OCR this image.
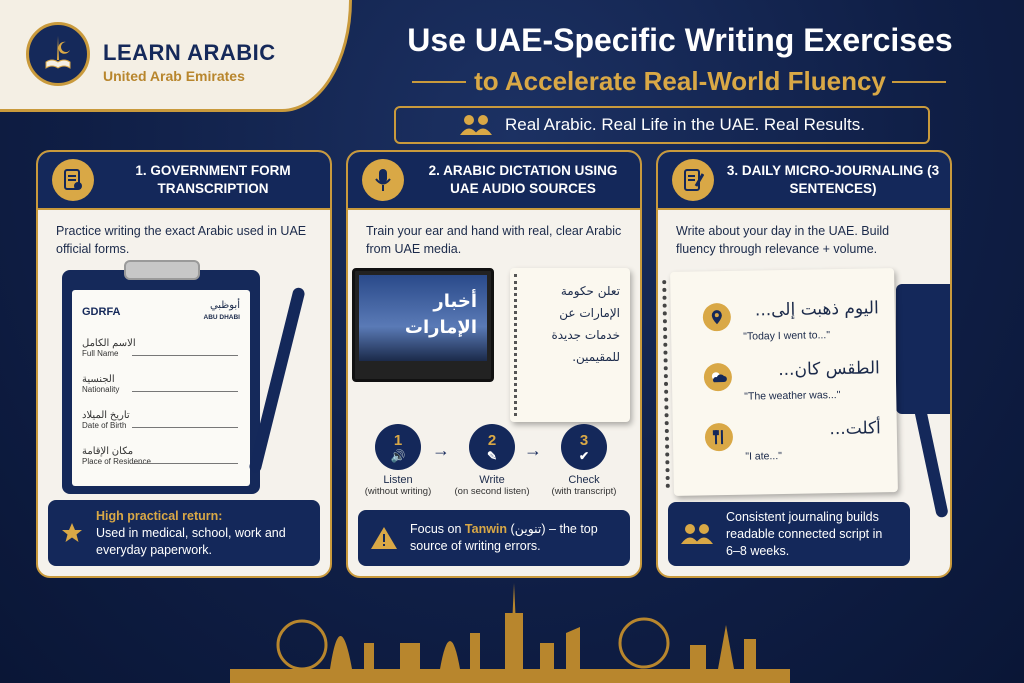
LEARN ARABIC
United Arab Emirates
Use UAE-Specific Writing Exercises
to Accelerate Real-World Fluency
Real Arabic. Real Life in the UAE. Real Results.
1. GOVERNMENT FORM TRANSCRIPTION
Practice writing the exact Arabic used in UAE official forms.
GDRFA
أبوظبي
ABU DHABI
الاسم الكامل
Full Name
الجنسية
Nationality
تاريخ الميلاد
Date of Birth
مكان الإقامة
Place of Residence
High practical return:
Used in medical, school, work and everyday paperwork.
2. ARABIC DICTATION USING UAE AUDIO SOURCES
Train your ear and hand with real, clear Arabic from UAE media.
أخبار الإمارات
تعلن حكومة الإمارات عن خدمات جديدة للمقيمين.
1
🔊
Listen
(without writing)
→	2
✎
Write
(on second listen)
→	3
✔
Check
(with transcript)
Focus on Tanwin (تنوين) – the top source of writing errors.
3. DAILY MICRO-JOURNALING (3 SENTENCES)
Write about your day in the UAE. Build fluency through relevance + volume.
اليوم ذهبت إلى...
"Today I went to..."
الطقس كان...
"The weather was..."
أكلت...
"I ate..."
Consistent journaling builds readable connected script in 6–8 weeks.
